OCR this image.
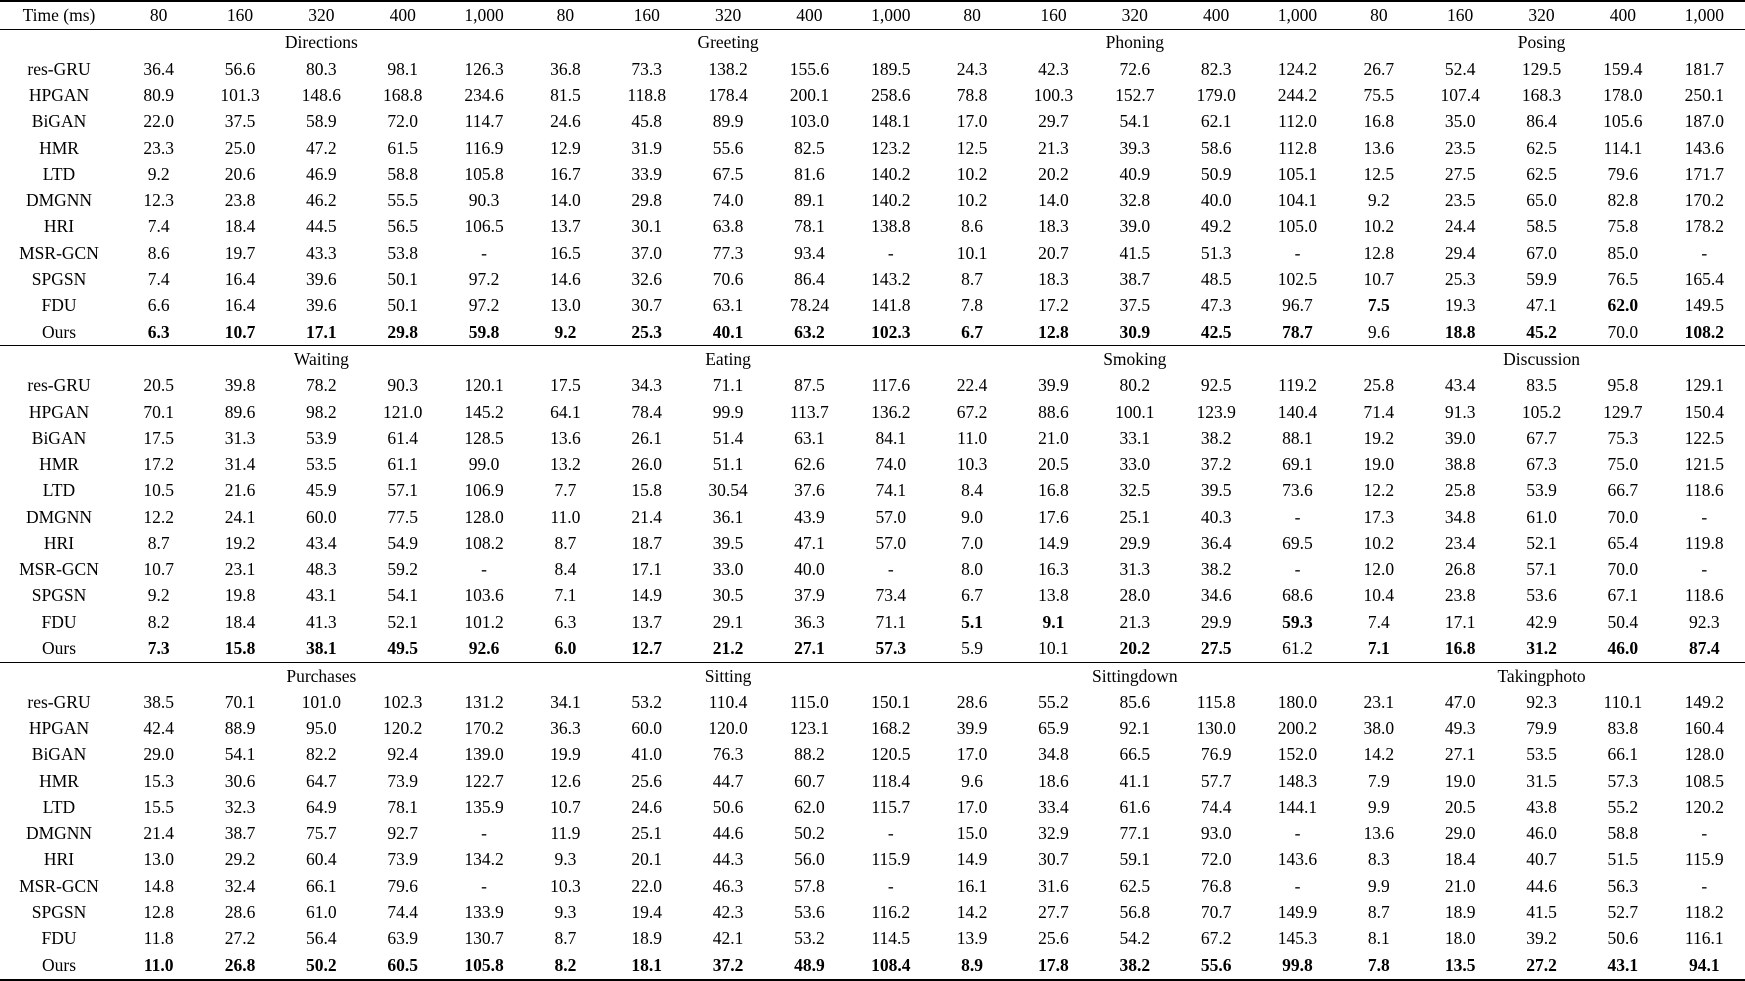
Time (ms)	80	160	320	400	1,000	80	160	320	400	1,000	80	160	320	400	1,000	80	160	320	400	1,000
	Directions					Greeting					Phoning					Posing				
res-GRU	36.4	56.6	80.3	98.1	126.3	36.8	73.3	138.2	155.6	189.5	24.3	42.3	72.6	82.3	124.2	26.7	52.4	129.5	159.4	181.7
HPGAN	80.9	101.3	148.6	168.8	234.6	81.5	118.8	178.4	200.1	258.6	78.8	100.3	152.7	179.0	244.2	75.5	107.4	168.3	178.0	250.1
BiGAN	22.0	37.5	58.9	72.0	114.7	24.6	45.8	89.9	103.0	148.1	17.0	29.7	54.1	62.1	112.0	16.8	35.0	86.4	105.6	187.0
HMR	23.3	25.0	47.2	61.5	116.9	12.9	31.9	55.6	82.5	123.2	12.5	21.3	39.3	58.6	112.8	13.6	23.5	62.5	114.1	143.6
LTD	9.2	20.6	46.9	58.8	105.8	16.7	33.9	67.5	81.6	140.2	10.2	20.2	40.9	50.9	105.1	12.5	27.5	62.5	79.6	171.7
DMGNN	12.3	23.8	46.2	55.5	90.3	14.0	29.8	74.0	89.1	140.2	10.2	14.0	32.8	40.0	104.1	9.2	23.5	65.0	82.8	170.2
HRI	7.4	18.4	44.5	56.5	106.5	13.7	30.1	63.8	78.1	138.8	8.6	18.3	39.0	49.2	105.0	10.2	24.4	58.5	75.8	178.2
MSR-GCN	8.6	19.7	43.3	53.8	-	16.5	37.0	77.3	93.4	-	10.1	20.7	41.5	51.3	-	12.8	29.4	67.0	85.0	-
SPGSN	7.4	16.4	39.6	50.1	97.2	14.6	32.6	70.6	86.4	143.2	8.7	18.3	38.7	48.5	102.5	10.7	25.3	59.9	76.5	165.4
FDU	6.6	16.4	39.6	50.1	97.2	13.0	30.7	63.1	78.24	141.8	7.8	17.2	37.5	47.3	96.7	7.5	19.3	47.1	62.0	149.5
Ours	6.3	10.7	17.1	29.8	59.8	9.2	25.3	40.1	63.2	102.3	6.7	12.8	30.9	42.5	78.7	9.6	18.8	45.2	70.0	108.2
	Waiting					Eating					Smoking					Discussion				
res-GRU	20.5	39.8	78.2	90.3	120.1	17.5	34.3	71.1	87.5	117.6	22.4	39.9	80.2	92.5	119.2	25.8	43.4	83.5	95.8	129.1
HPGAN	70.1	89.6	98.2	121.0	145.2	64.1	78.4	99.9	113.7	136.2	67.2	88.6	100.1	123.9	140.4	71.4	91.3	105.2	129.7	150.4
BiGAN	17.5	31.3	53.9	61.4	128.5	13.6	26.1	51.4	63.1	84.1	11.0	21.0	33.1	38.2	88.1	19.2	39.0	67.7	75.3	122.5
HMR	17.2	31.4	53.5	61.1	99.0	13.2	26.0	51.1	62.6	74.0	10.3	20.5	33.0	37.2	69.1	19.0	38.8	67.3	75.0	121.5
LTD	10.5	21.6	45.9	57.1	106.9	7.7	15.8	30.54	37.6	74.1	8.4	16.8	32.5	39.5	73.6	12.2	25.8	53.9	66.7	118.6
DMGNN	12.2	24.1	60.0	77.5	128.0	11.0	21.4	36.1	43.9	57.0	9.0	17.6	25.1	40.3	-	17.3	34.8	61.0	70.0	-
HRI	8.7	19.2	43.4	54.9	108.2	8.7	18.7	39.5	47.1	57.0	7.0	14.9	29.9	36.4	69.5	10.2	23.4	52.1	65.4	119.8
MSR-GCN	10.7	23.1	48.3	59.2	-	8.4	17.1	33.0	40.0	-	8.0	16.3	31.3	38.2	-	12.0	26.8	57.1	70.0	-
SPGSN	9.2	19.8	43.1	54.1	103.6	7.1	14.9	30.5	37.9	73.4	6.7	13.8	28.0	34.6	68.6	10.4	23.8	53.6	67.1	118.6
FDU	8.2	18.4	41.3	52.1	101.2	6.3	13.7	29.1	36.3	71.1	5.1	9.1	21.3	29.9	59.3	7.4	17.1	42.9	50.4	92.3
Ours	7.3	15.8	38.1	49.5	92.6	6.0	12.7	21.2	27.1	57.3	5.9	10.1	20.2	27.5	61.2	7.1	16.8	31.2	46.0	87.4
	Purchases					Sitting					Sittingdown					Takingphoto				
res-GRU	38.5	70.1	101.0	102.3	131.2	34.1	53.2	110.4	115.0	150.1	28.6	55.2	85.6	115.8	180.0	23.1	47.0	92.3	110.1	149.2
HPGAN	42.4	88.9	95.0	120.2	170.2	36.3	60.0	120.0	123.1	168.2	39.9	65.9	92.1	130.0	200.2	38.0	49.3	79.9	83.8	160.4
BiGAN	29.0	54.1	82.2	92.4	139.0	19.9	41.0	76.3	88.2	120.5	17.0	34.8	66.5	76.9	152.0	14.2	27.1	53.5	66.1	128.0
HMR	15.3	30.6	64.7	73.9	122.7	12.6	25.6	44.7	60.7	118.4	9.6	18.6	41.1	57.7	148.3	7.9	19.0	31.5	57.3	108.5
LTD	15.5	32.3	64.9	78.1	135.9	10.7	24.6	50.6	62.0	115.7	17.0	33.4	61.6	74.4	144.1	9.9	20.5	43.8	55.2	120.2
DMGNN	21.4	38.7	75.7	92.7	-	11.9	25.1	44.6	50.2	-	15.0	32.9	77.1	93.0	-	13.6	29.0	46.0	58.8	-
HRI	13.0	29.2	60.4	73.9	134.2	9.3	20.1	44.3	56.0	115.9	14.9	30.7	59.1	72.0	143.6	8.3	18.4	40.7	51.5	115.9
MSR-GCN	14.8	32.4	66.1	79.6	-	10.3	22.0	46.3	57.8	-	16.1	31.6	62.5	76.8	-	9.9	21.0	44.6	56.3	-
SPGSN	12.8	28.6	61.0	74.4	133.9	9.3	19.4	42.3	53.6	116.2	14.2	27.7	56.8	70.7	149.9	8.7	18.9	41.5	52.7	118.2
FDU	11.8	27.2	56.4	63.9	130.7	8.7	18.9	42.1	53.2	114.5	13.9	25.6	54.2	67.2	145.3	8.1	18.0	39.2	50.6	116.1
Ours	11.0	26.8	50.2	60.5	105.8	8.2	18.1	37.2	48.9	108.4	8.9	17.8	38.2	55.6	99.8	7.8	13.5	27.2	43.1	94.1
